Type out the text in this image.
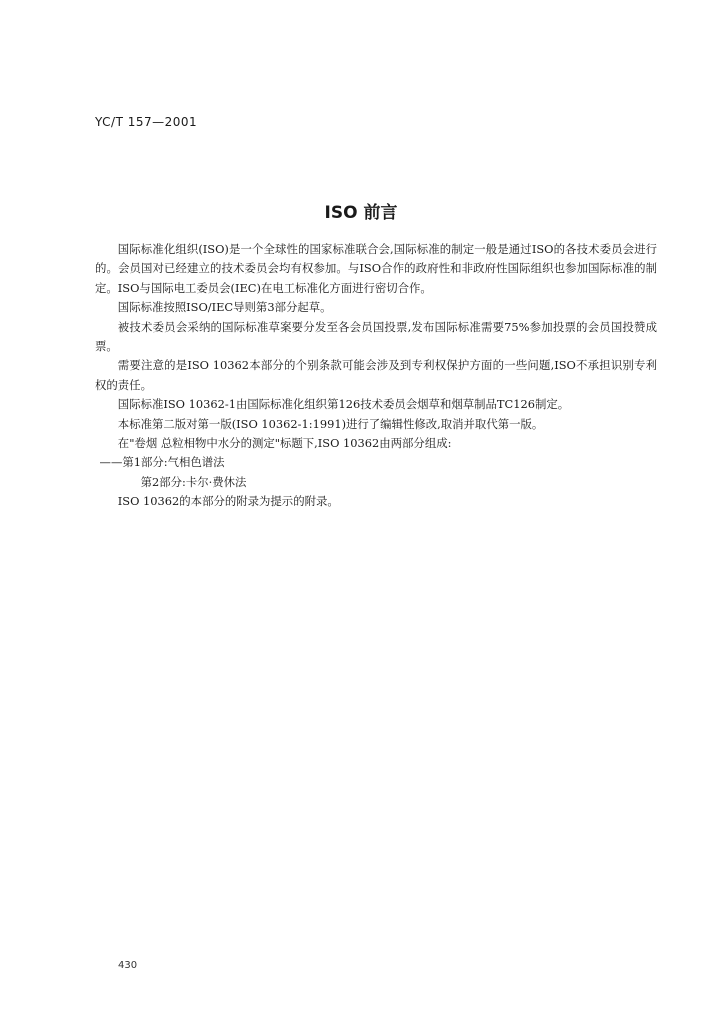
YC/T 157—2001
ISO 前言

国际标准化组织(ISO)是一个全球性的国家标准联合会,国际标准的制定一般是通过ISO的各技术委员会进行的。会员国对已经建立的技术委员会均有权参加。与ISO合作的政府性和非政府性国际组织也参加国际标准的制定。ISO与国际电工委员会(IEC)在电工标准化方面进行密切合作。

国际标准按照ISO/IEC导则第3部分起草。

被技术委员会采纳的国际标准草案要分发至各会员国投票,发布国际标准需要75%参加投票的会员国投赞成票。

需要注意的是ISO 10362本部分的个别条款可能会涉及到专利权保护方面的一些问题,ISO不承担识别专利权的责任。

国际标准ISO 10362-1由国际标准化组织第126技术委员会烟草和烟草制品TC126制定。

本标准第二版对第一版(ISO 10362-1:1991)进行了编辑性修改,取消并取代第一版。

在"卷烟 总粒相物中水分的测定"标题下,ISO 10362由两部分组成:

——第1部分:气相色谱法

第2部分:卡尔·费休法

ISO 10362的本部分的附录为提示的附录。

430
